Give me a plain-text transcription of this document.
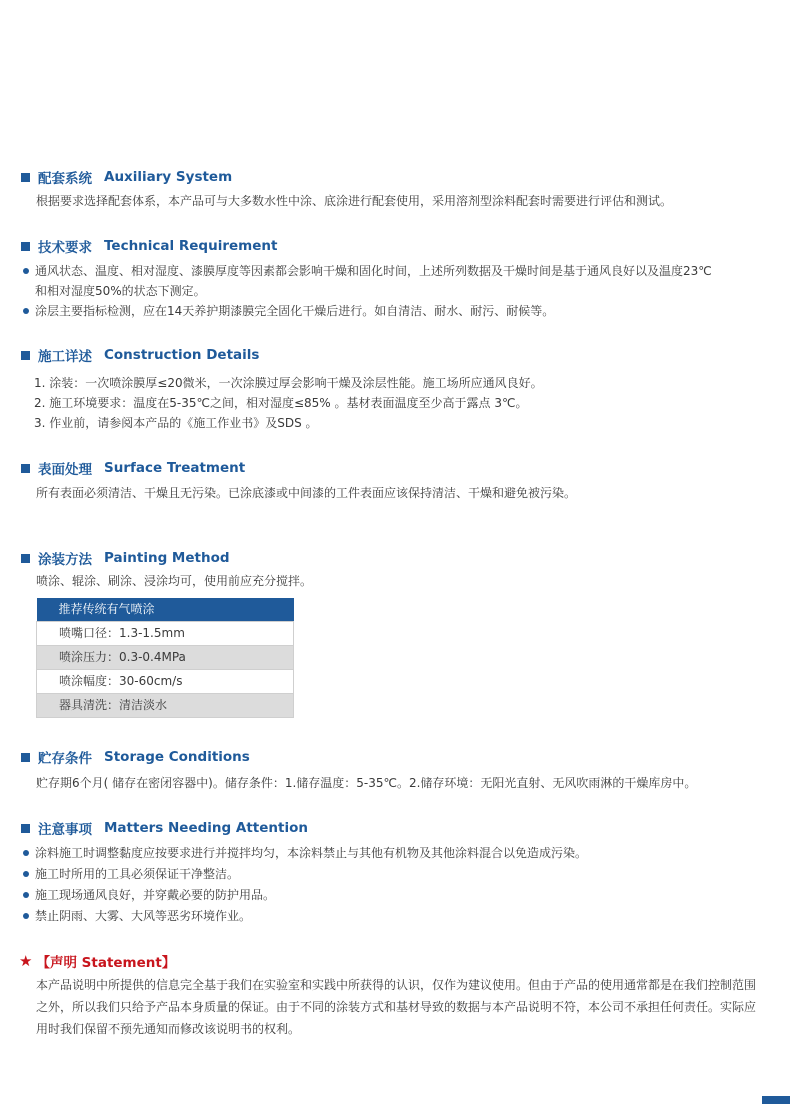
配套系统 Auxiliary System
根据要求选择配套体系，本产品可与大多数水性中涂、底涂进行配套使用，采用溶剂型涂料配套时需要进行评估和测试。
技术要求 Technical Requirement
通风状态、温度、相对湿度、漆膜厚度等因素都会影响干燥和固化时间，上述所列数据及干燥时间是基于通风良好以及温度23℃
和相对湿度50%的状态下测定。
涂层主要指标检测，应在14天养护期漆膜完全固化干燥后进行。如自清洁、耐水、耐污、耐候等。
施工详述 Construction Details
1. 涂装：一次喷涂膜厚≤20微米，一次涂膜过厚会影响干燥及涂层性能。施工场所应通风良好。
2. 施工环境要求：温度在5-35℃之间，相对湿度≤85% 。基材表面温度至少高于露点 3℃。
3. 作业前，请参阅本产品的《施工作业书》及SDS 。
表面处理 Surface Treatment
所有表面必须清洁、干燥且无污染。已涂底漆或中间漆的工件表面应该保持清洁、干燥和避免被污染。
涂装方法 Painting Method
喷涂、辊涂、刷涂、浸涂均可，使用前应充分搅拌。
推荐传统有气喷涂
喷嘴口径：1.3-1.5mm
喷涂压力：0.3-0.4MPa
喷涂幅度：30-60cm/s
器具清洗：清洁淡水
贮存条件 Storage Conditions
贮存期6个月( 储存在密闭容器中)。储存条件：1.储存温度：5-35℃。2.储存环境：无阳光直射、无风吹雨淋的干燥库房中。
注意事项 Matters Needing Attention
涂料施工时调整黏度应按要求进行并搅拌均匀，本涂料禁止与其他有机物及其他涂料混合以免造成污染。
施工时所用的工具必须保证干净整洁。
施工现场通风良好，并穿戴必要的防护用品。
禁止阴雨、大雾、大风等恶劣环境作业。
★ 【声明 Statement】
本产品说明中所提供的信息完全基于我们在实验室和实践中所获得的认识，仅作为建议使用。但由于产品的使用通常都是在我们控制范围之外，所以我们只给予产品本身质量的保证。由于不同的涂装方式和基材导致的数据与本产品说明不符，本公司不承担任何责任。实际应用时我们保留不预先通知而修改该说明书的权利。
